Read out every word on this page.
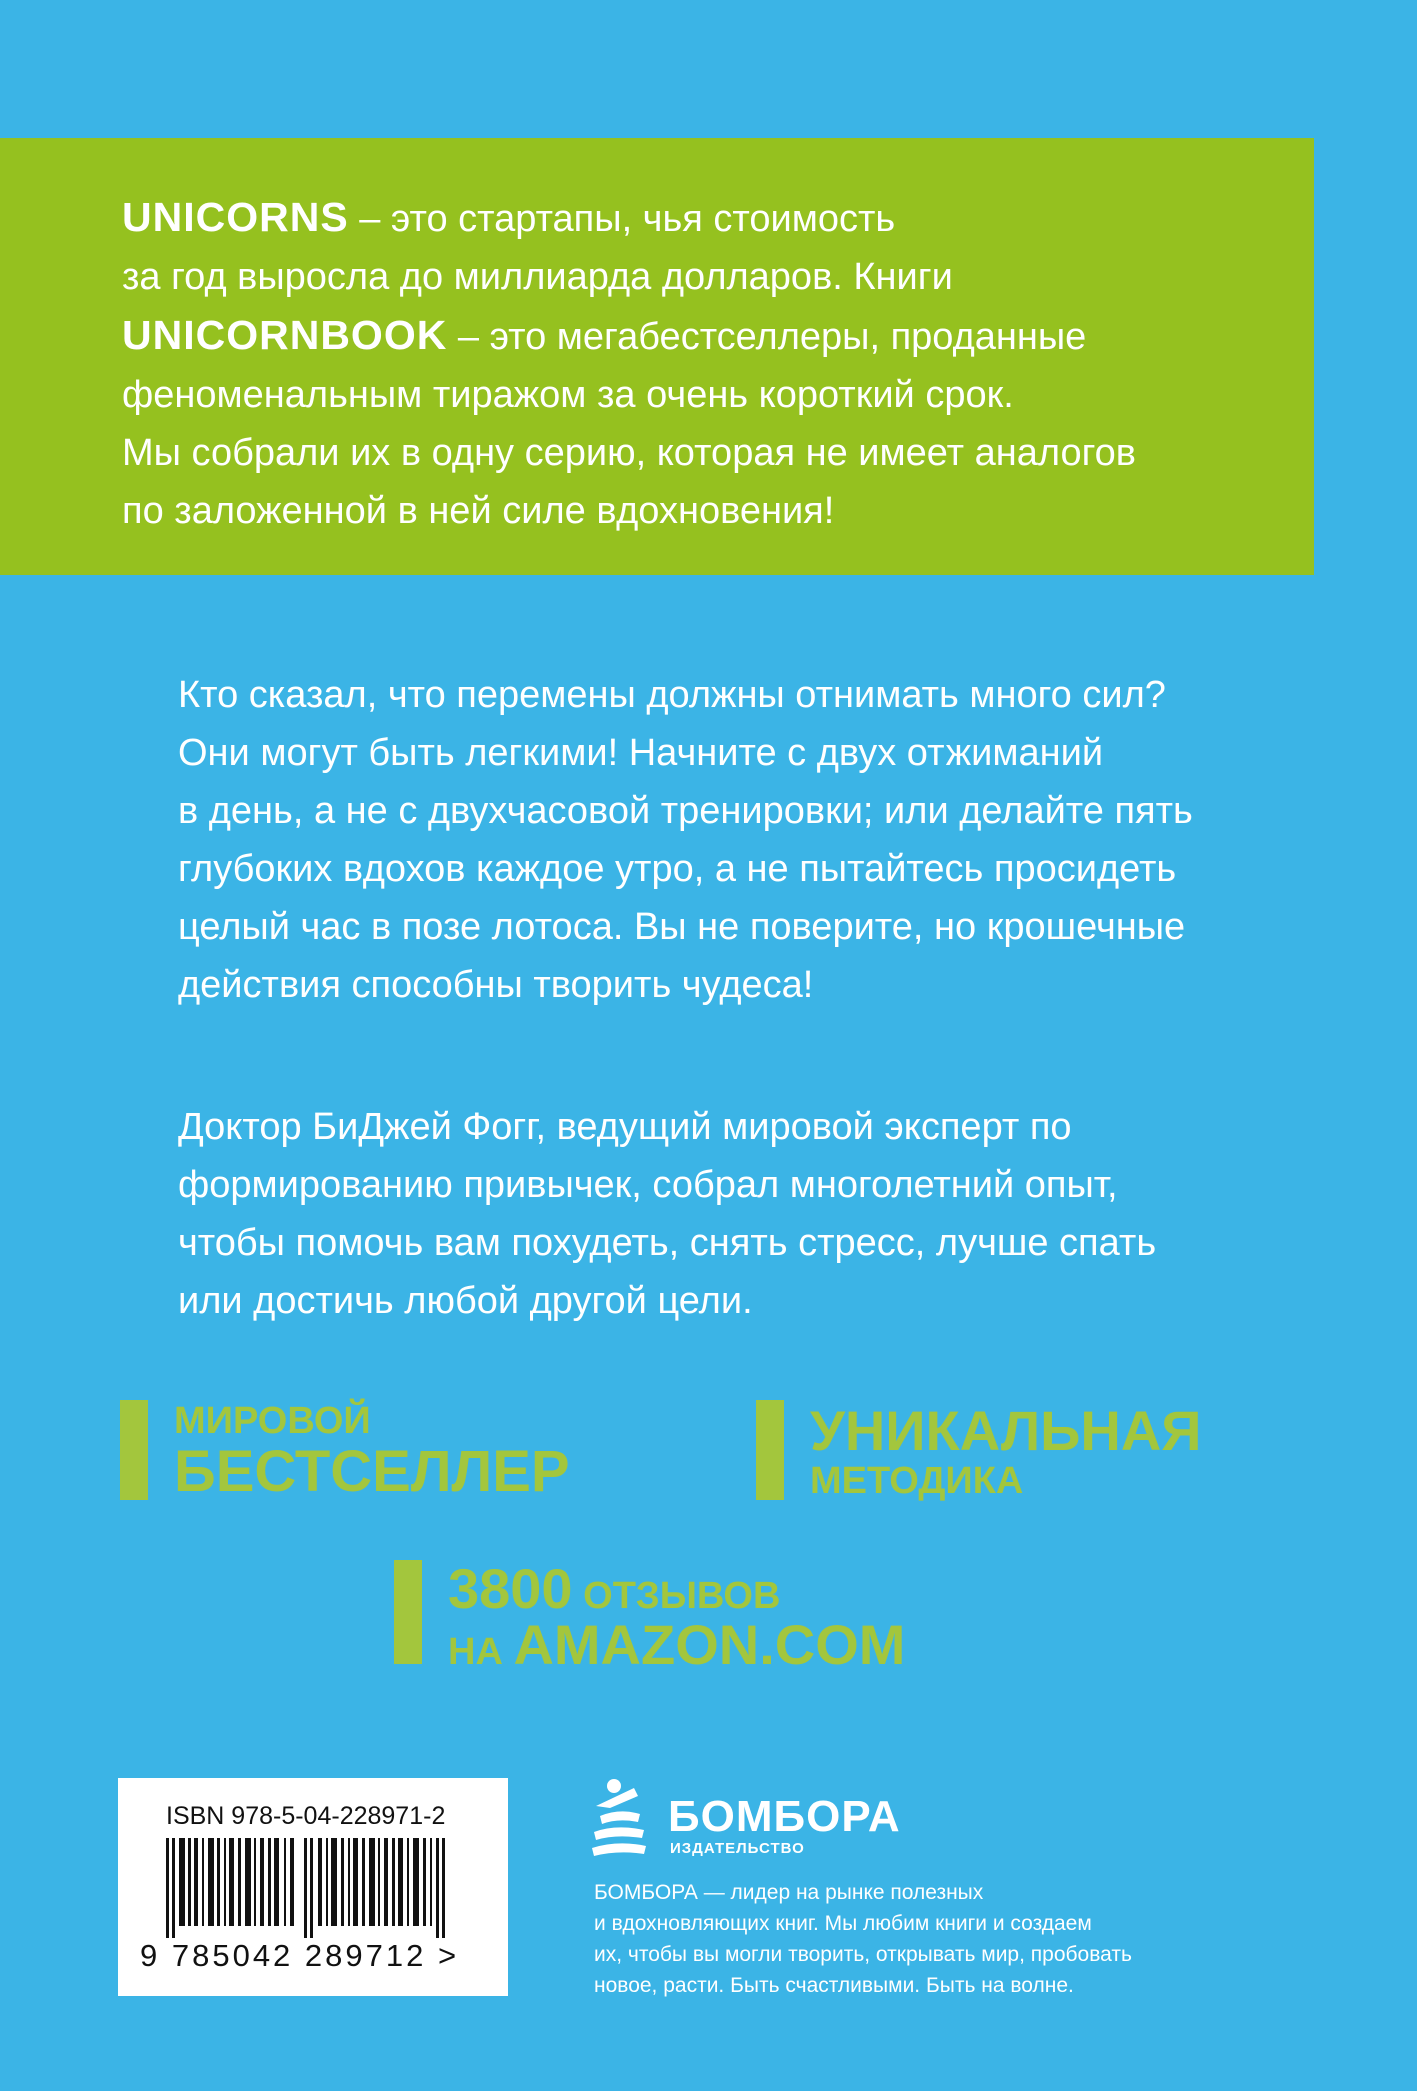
UNICORNS – это стартапы, чья стоимость

за год выросла до миллиарда долларов. Книги

UNICORNBOOK – это мегабестселлеры, проданные

феноменальным тиражом за очень короткий срок.

Мы собрали их в одну серию, которая не имеет аналогов

по заложенной в ней силе вдохновения!

Кто сказал, что перемены должны отнимать много сил?
Они могут быть легкими! Начните с двух отжиманий
в день, а не с двухчасовой тренировки; или делайте пять
глубоких вдохов каждое утро, а не пытайтесь просидеть
целый час в позе лотоса. Вы не поверите, но крошечные
действия способны творить чудеса!
Доктор БиДжей Фогг, ведущий мировой эксперт по
формированию привычек, собрал многолетний опыт,
чтобы помочь вам похудеть, снять стресс, лучше спать
или достичь любой другой цели.
МИРОВОЙ
БЕСТСЕЛЛЕР
УНИКАЛЬНАЯ
МЕТОДИКА
3800 ОТЗЫВОВ
НА AMAZON.COM
ISBN 978-5-04-228971-2
9 785042 289712 >
БОМБОРА
ИЗДАТЕЛЬСТВО
БОМБОРА — лидер на рынке полезных
и вдохновляющих книг. Мы любим книги и создаем
их, чтобы вы могли творить, открывать мир, пробовать
новое, расти. Быть счастливыми. Быть на волне.
